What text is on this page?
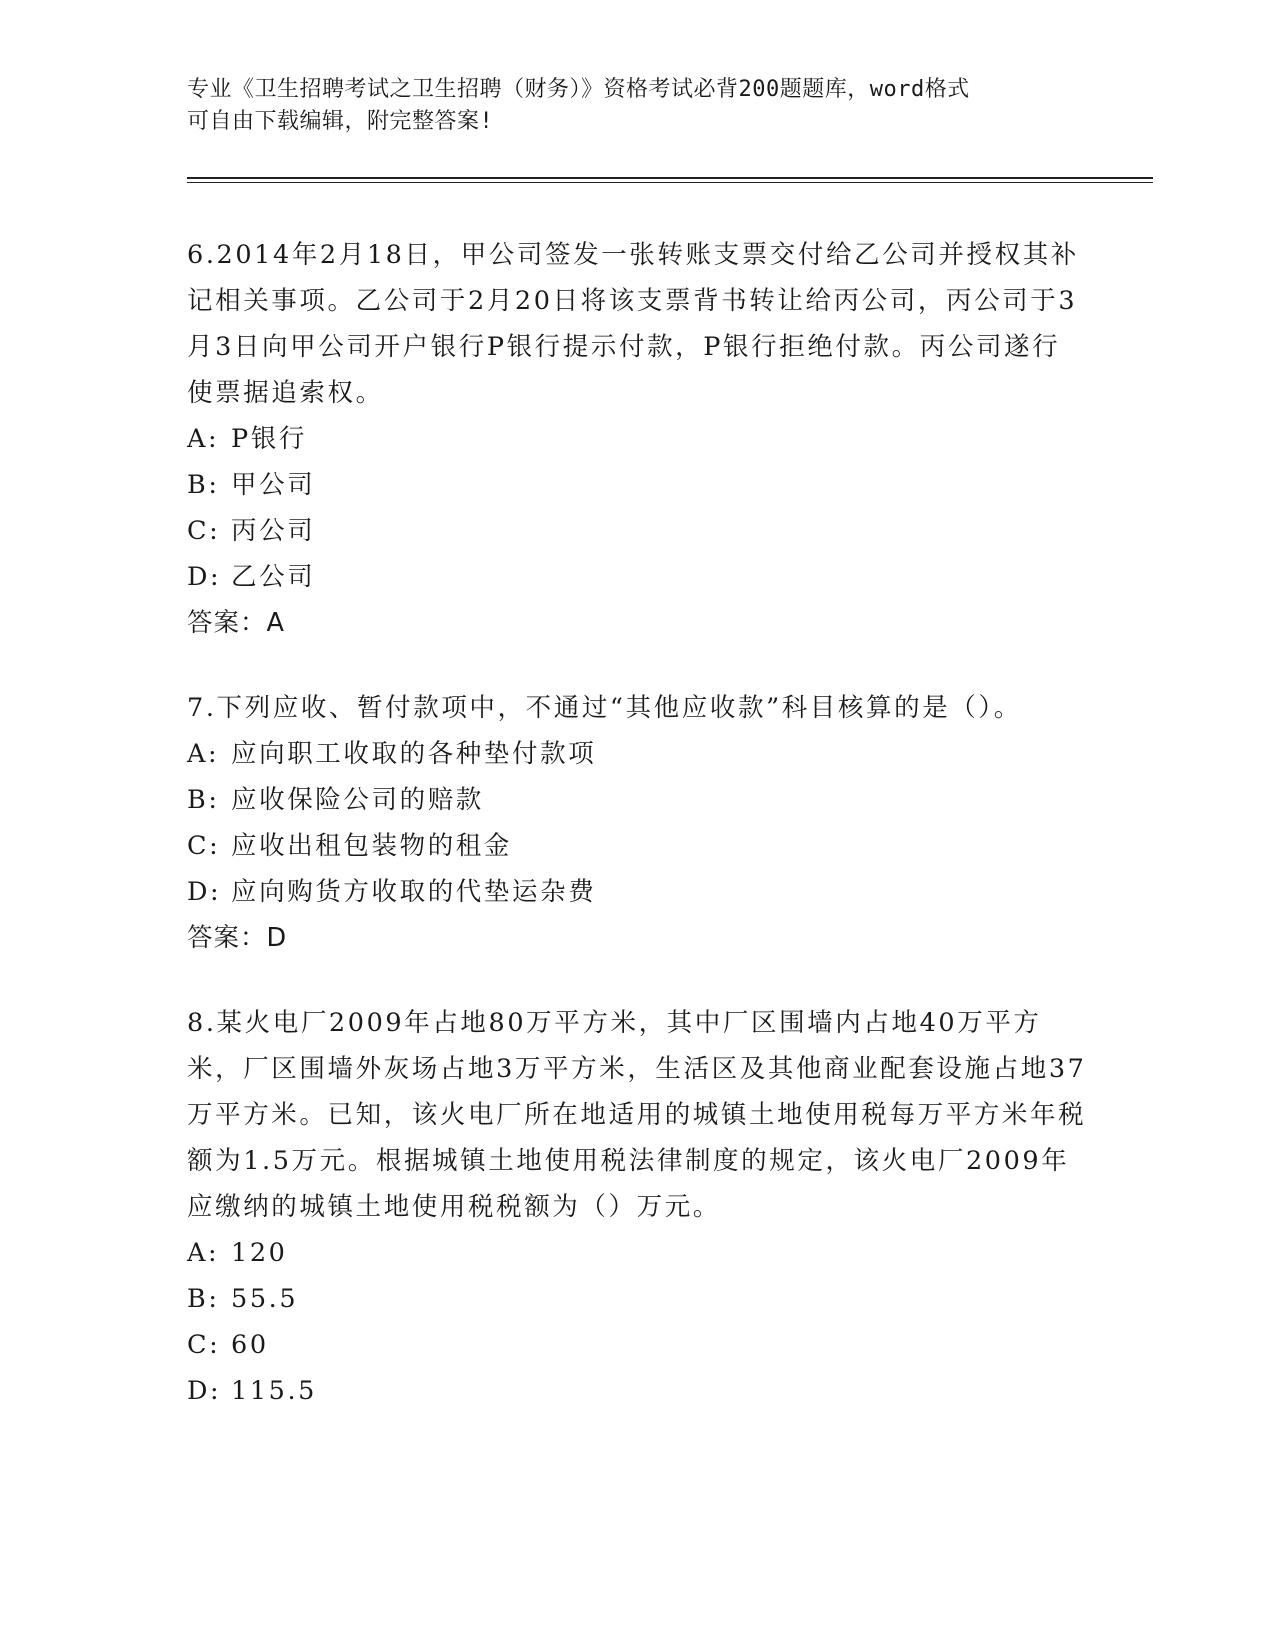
专业《卫生招聘考试之卫生招聘（财务）》资格考试必背200题题库，word格式
可自由下载编辑，附完整答案!

6.2014年2月18日，甲公司签发一张转账支票交付给乙公司并授权其补记相关事项。乙公司于2月20日将该支票背书转让给丙公司，丙公司于3月3日向甲公司开户银行P银行提示付款，P银行拒绝付款。丙公司遂行使票据追索权。

A: P银行
B: 甲公司
C: 丙公司
D: 乙公司
答案：A

7.下列应收、暂付款项中，不通过“其他应收款”科目核算的是（）。

A: 应向职工收取的各种垫付款项
B: 应收保险公司的赔款
C: 应收出租包装物的租金
D: 应向购货方收取的代垫运杂费
答案：D

8.某火电厂2009年占地80万平方米，其中厂区围墙内占地40万平方米，厂区围墙外灰场占地3万平方米，生活区及其他商业配套设施占地37万平方米。已知，该火电厂所在地适用的城镇土地使用税每万平方米年税额为1.5万元。根据城镇土地使用税法律制度的规定，该火电厂2009年应缴纳的城镇土地使用税税额为（）万元。

A: 120
B: 55.5
C: 60
D: 115.5
